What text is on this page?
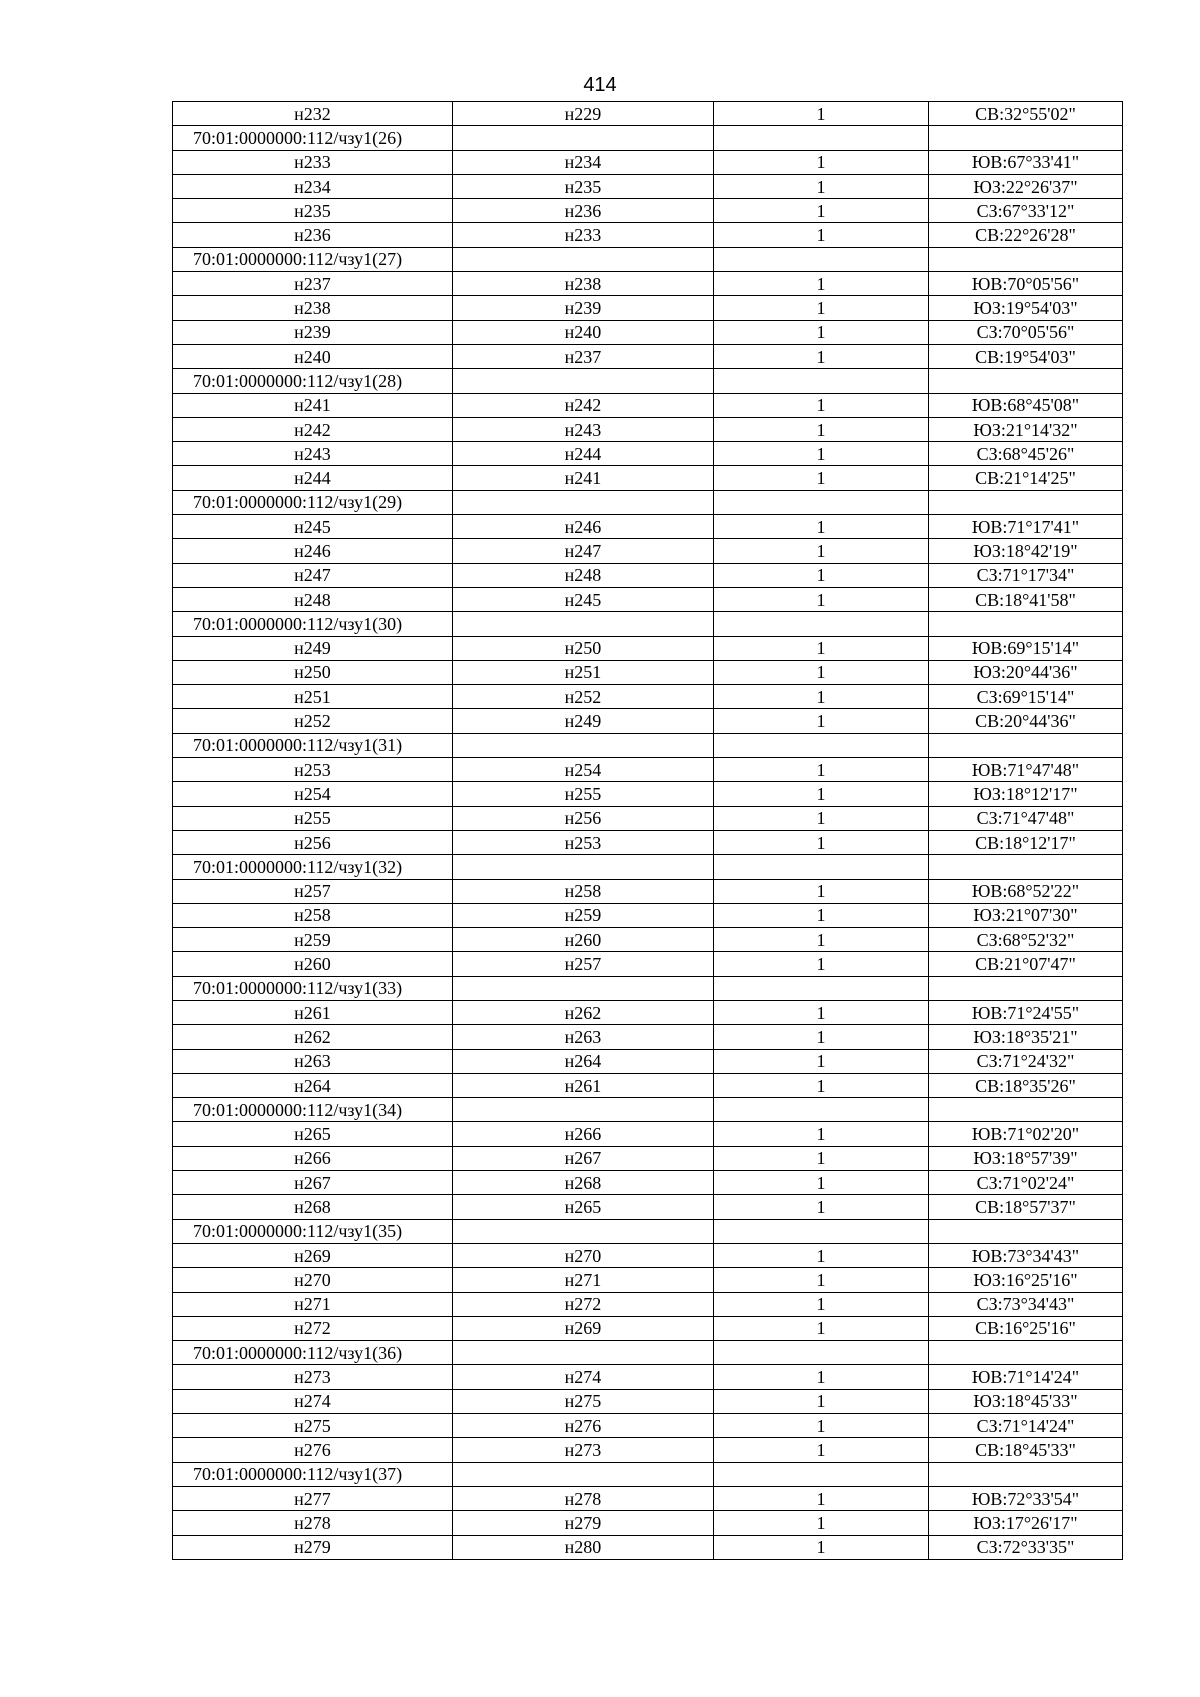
414
н232	н229	1	СВ:32°55'02"
70:01:0000000:112/чзу1(26)			
н233	н234	1	ЮВ:67°33'41"
н234	н235	1	ЮЗ:22°26'37"
н235	н236	1	СЗ:67°33'12"
н236	н233	1	СВ:22°26'28"
70:01:0000000:112/чзу1(27)			
н237	н238	1	ЮВ:70°05'56"
н238	н239	1	ЮЗ:19°54'03"
н239	н240	1	СЗ:70°05'56"
н240	н237	1	СВ:19°54'03"
70:01:0000000:112/чзу1(28)			
н241	н242	1	ЮВ:68°45'08"
н242	н243	1	ЮЗ:21°14'32"
н243	н244	1	СЗ:68°45'26"
н244	н241	1	СВ:21°14'25"
70:01:0000000:112/чзу1(29)			
н245	н246	1	ЮВ:71°17'41"
н246	н247	1	ЮЗ:18°42'19"
н247	н248	1	СЗ:71°17'34"
н248	н245	1	СВ:18°41'58"
70:01:0000000:112/чзу1(30)			
н249	н250	1	ЮВ:69°15'14"
н250	н251	1	ЮЗ:20°44'36"
н251	н252	1	СЗ:69°15'14"
н252	н249	1	СВ:20°44'36"
70:01:0000000:112/чзу1(31)			
н253	н254	1	ЮВ:71°47'48"
н254	н255	1	ЮЗ:18°12'17"
н255	н256	1	СЗ:71°47'48"
н256	н253	1	СВ:18°12'17"
70:01:0000000:112/чзу1(32)			
н257	н258	1	ЮВ:68°52'22"
н258	н259	1	ЮЗ:21°07'30"
н259	н260	1	СЗ:68°52'32"
н260	н257	1	СВ:21°07'47"
70:01:0000000:112/чзу1(33)			
н261	н262	1	ЮВ:71°24'55"
н262	н263	1	ЮЗ:18°35'21"
н263	н264	1	СЗ:71°24'32"
н264	н261	1	СВ:18°35'26"
70:01:0000000:112/чзу1(34)			
н265	н266	1	ЮВ:71°02'20"
н266	н267	1	ЮЗ:18°57'39"
н267	н268	1	СЗ:71°02'24"
н268	н265	1	СВ:18°57'37"
70:01:0000000:112/чзу1(35)			
н269	н270	1	ЮВ:73°34'43"
н270	н271	1	ЮЗ:16°25'16"
н271	н272	1	СЗ:73°34'43"
н272	н269	1	СВ:16°25'16"
70:01:0000000:112/чзу1(36)			
н273	н274	1	ЮВ:71°14'24"
н274	н275	1	ЮЗ:18°45'33"
н275	н276	1	СЗ:71°14'24"
н276	н273	1	СВ:18°45'33"
70:01:0000000:112/чзу1(37)			
н277	н278	1	ЮВ:72°33'54"
н278	н279	1	ЮЗ:17°26'17"
н279	н280	1	СЗ:72°33'35"
